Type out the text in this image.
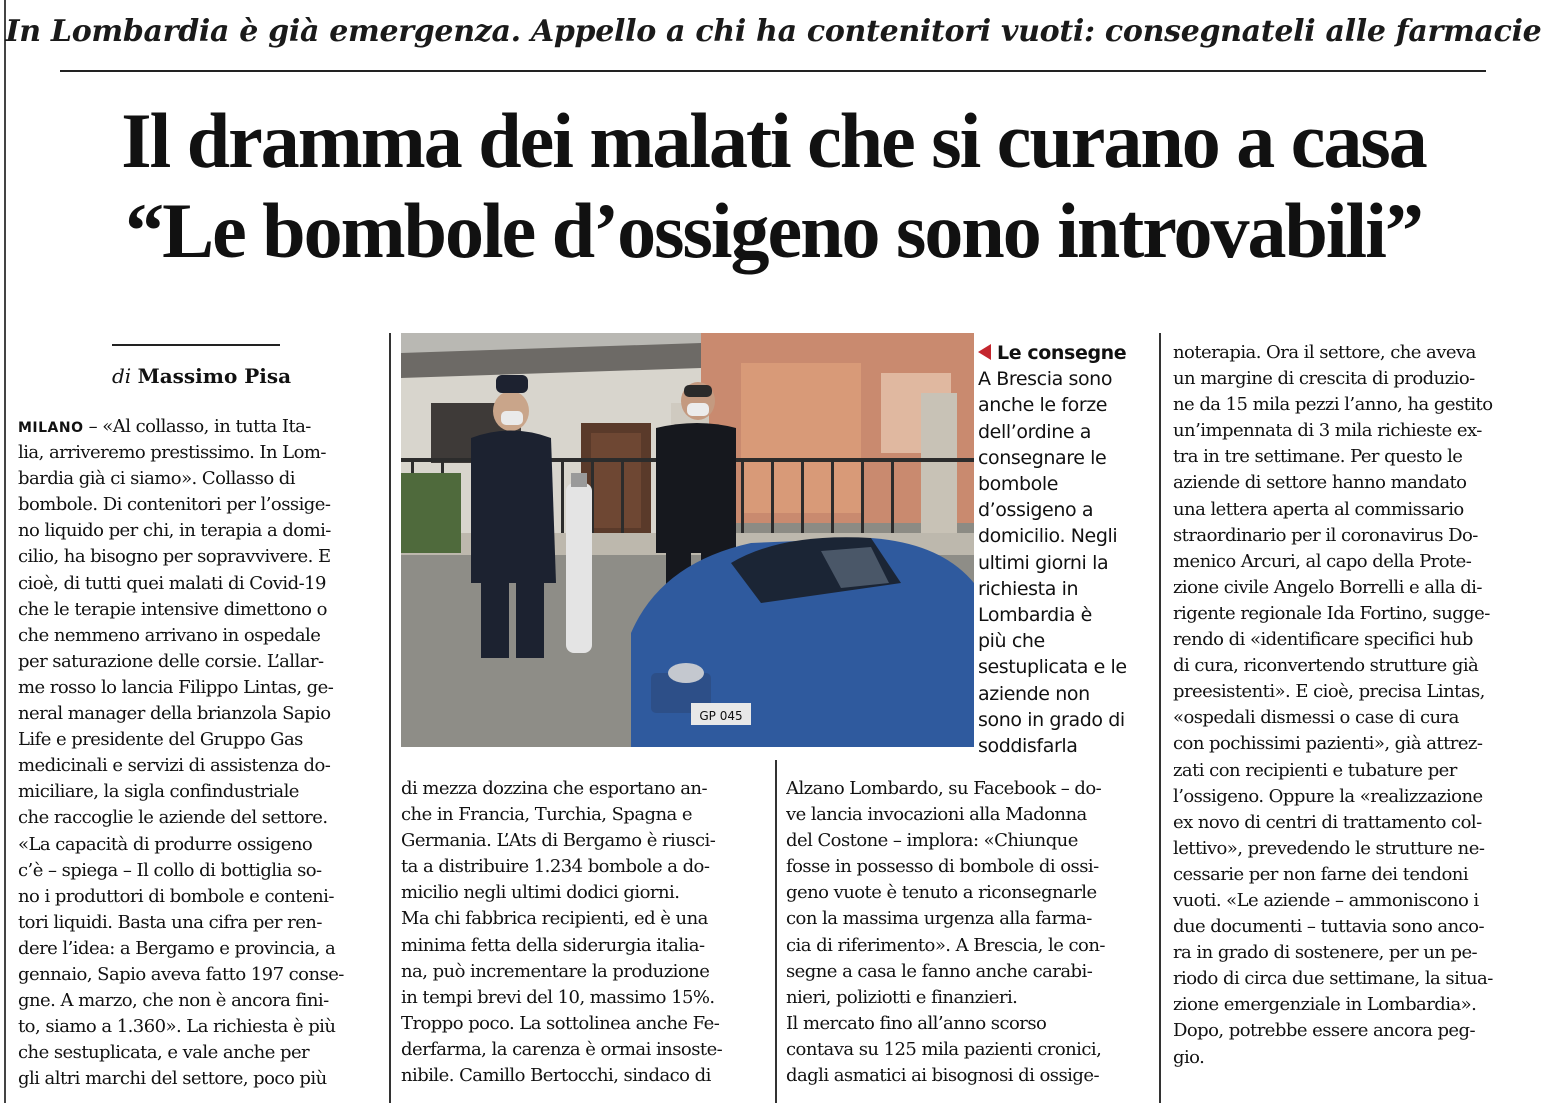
In Lombardia è già emergenza. Appello a chi ha contenitori vuoti: consegnateli alle farmacie
Il dramma dei malati che si curano a casa
“Le bombole d’ossigeno sono introvabili”
di Massimo Pisa
MILANO – «Al collasso, in tutta Ita-
lia, arriveremo prestissimo. In Lom-
bardia già ci siamo». Collasso di
bombole. Di contenitori per l’ossige-
no liquido per chi, in terapia a domi-
cilio, ha bisogno per sopravvivere. E
cioè, di tutti quei malati di Covid-19
che le terapie intensive dimettono o
che nemmeno arrivano in ospedale
per saturazione delle corsie. L’allar-
me rosso lo lancia Filippo Lintas, ge-
neral manager della brianzola Sapio
Life e presidente del Gruppo Gas
medicinali e servizi di assistenza do-
miciliare, la sigla confindustriale
che raccoglie le aziende del settore.
«La capacità di produrre ossigeno
c’è – spiega – Il collo di bottiglia so-
no i produttori di bombole e conteni-
tori liquidi. Basta una cifra per ren-
dere l’idea: a Bergamo e provincia, a
gennaio, Sapio aveva fatto 197 conse-
gne. A marzo, che non è ancora fini-
to, siamo a 1.360». La richiesta è più
che sestuplicata, e vale anche per
gli altri marchi del settore, poco più
GP 045
Le consegne
A Brescia sono
anche le forze
dell’ordine a
consegnare le
bombole
d’ossigeno a
domicilio. Negli
ultimi giorni la
richiesta in
Lombardia è
più che
sestuplicata e le
aziende non
sono in grado di
soddisfarla
di mezza dozzina che esportano an-
che in Francia, Turchia, Spagna e
Germania. L’Ats di Bergamo è riusci-
ta a distribuire 1.234 bombole a do-
micilio negli ultimi dodici giorni.
Ma chi fabbrica recipienti, ed è una
minima fetta della siderurgia italia-
na, può incrementare la produzione
in tempi brevi del 10, massimo 15%.
Troppo poco. La sottolinea anche Fe-
derfarma, la carenza è ormai insoste-
nibile. Camillo Bertocchi, sindaco di
Alzano Lombardo, su Facebook – do-
ve lancia invocazioni alla Madonna
del Costone – implora: «Chiunque
fosse in possesso di bombole di ossi-
geno vuote è tenuto a riconsegnarle
con la massima urgenza alla farma-
cia di riferimento». A Brescia, le con-
segne a casa le fanno anche carabi-
nieri, poliziotti e finanzieri.
Il mercato fino all’anno scorso
contava su 125 mila pazienti cronici,
dagli asmatici ai bisognosi di ossige-
noterapia. Ora il settore, che aveva
un margine di crescita di produzio-
ne da 15 mila pezzi l’anno, ha gestito
un’impennata di 3 mila richieste ex-
tra in tre settimane. Per questo le
aziende di settore hanno mandato
una lettera aperta al commissario
straordinario per il coronavirus Do-
menico Arcuri, al capo della Prote-
zione civile Angelo Borrelli e alla di-
rigente regionale Ida Fortino, sugge-
rendo di «identificare specifici hub
di cura, riconvertendo strutture già
preesistenti». E cioè, precisa Lintas,
«ospedali dismessi o case di cura
con pochissimi pazienti», già attrez-
zati con recipienti e tubature per
l’ossigeno. Oppure la «realizzazione
ex novo di centri di trattamento col-
lettivo», prevedendo le strutture ne-
cessarie per non farne dei tendoni
vuoti. «Le aziende – ammoniscono i
due documenti – tuttavia sono anco-
ra in grado di sostenere, per un pe-
riodo di circa due settimane, la situa-
zione emergenziale in Lombardia».
Dopo, potrebbe essere ancora peg-
gio.
